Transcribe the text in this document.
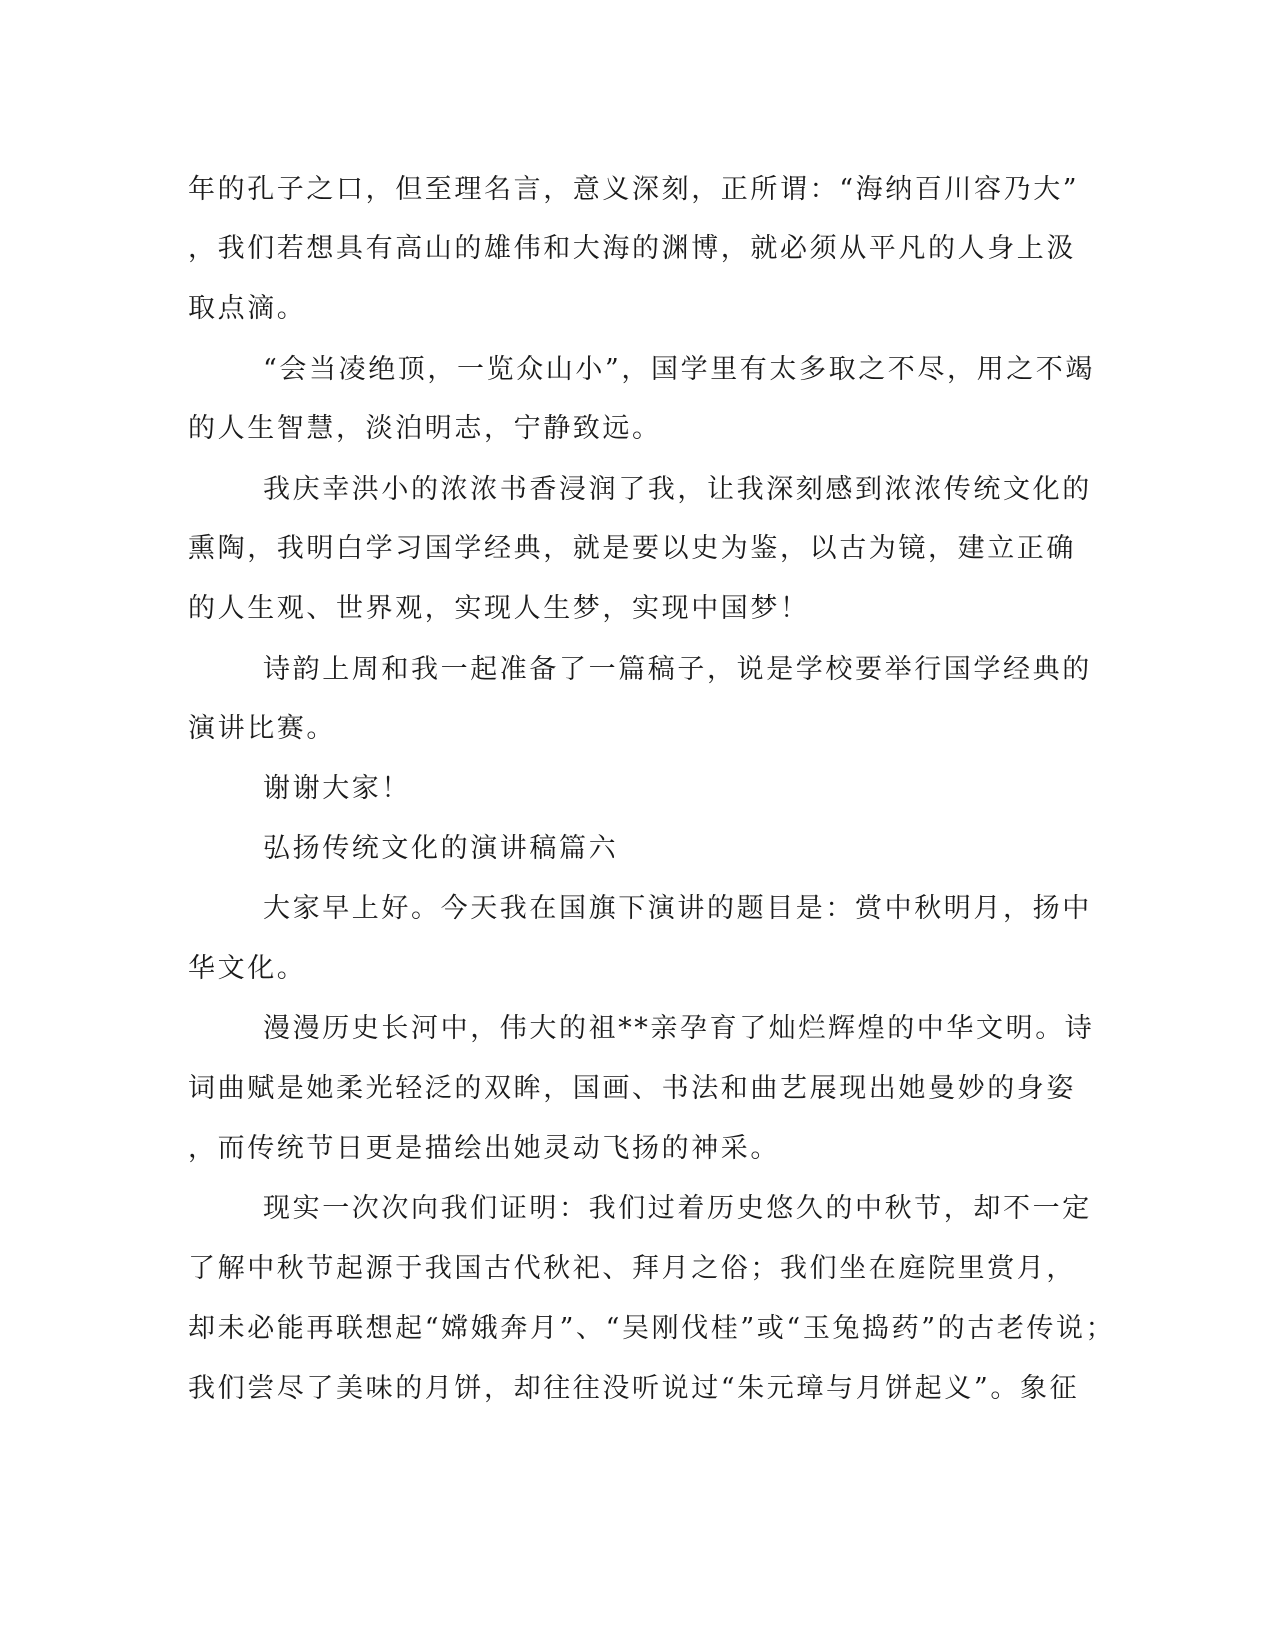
年的孔子之口，但至理名言，意义深刻，正所谓：“海纳百川容乃大”
，我们若想具有高山的雄伟和大海的渊博，就必须从平凡的人身上汲
取点滴。
“会当凌绝顶，一览众山小”，国学里有太多取之不尽，用之不竭
的人生智慧，淡泊明志，宁静致远。
我庆幸洪小的浓浓书香浸润了我，让我深刻感到浓浓传统文化的
熏陶，我明白学习国学经典，就是要以史为鉴，以古为镜，建立正确
的人生观、世界观，实现人生梦，实现中国梦！
诗韵上周和我一起准备了一篇稿子，说是学校要举行国学经典的
演讲比赛。
谢谢大家！
弘扬传统文化的演讲稿篇六
大家早上好。今天我在国旗下演讲的题目是：赏中秋明月，扬中
华文化。
漫漫历史长河中，伟大的祖**亲孕育了灿烂辉煌的中华文明。诗
词曲赋是她柔光轻泛的双眸，国画、书法和曲艺展现出她曼妙的身姿
，而传统节日更是描绘出她灵动飞扬的神采。
现实一次次向我们证明：我们过着历史悠久的中秋节，却不一定
了解中秋节起源于我国古代秋祀、拜月之俗；我们坐在庭院里赏月，
却未必能再联想起“嫦娥奔月”、“吴刚伐桂”或“玉兔捣药”的古老传说；
我们尝尽了美味的月饼，却往往没听说过“朱元璋与月饼起义”。象征
